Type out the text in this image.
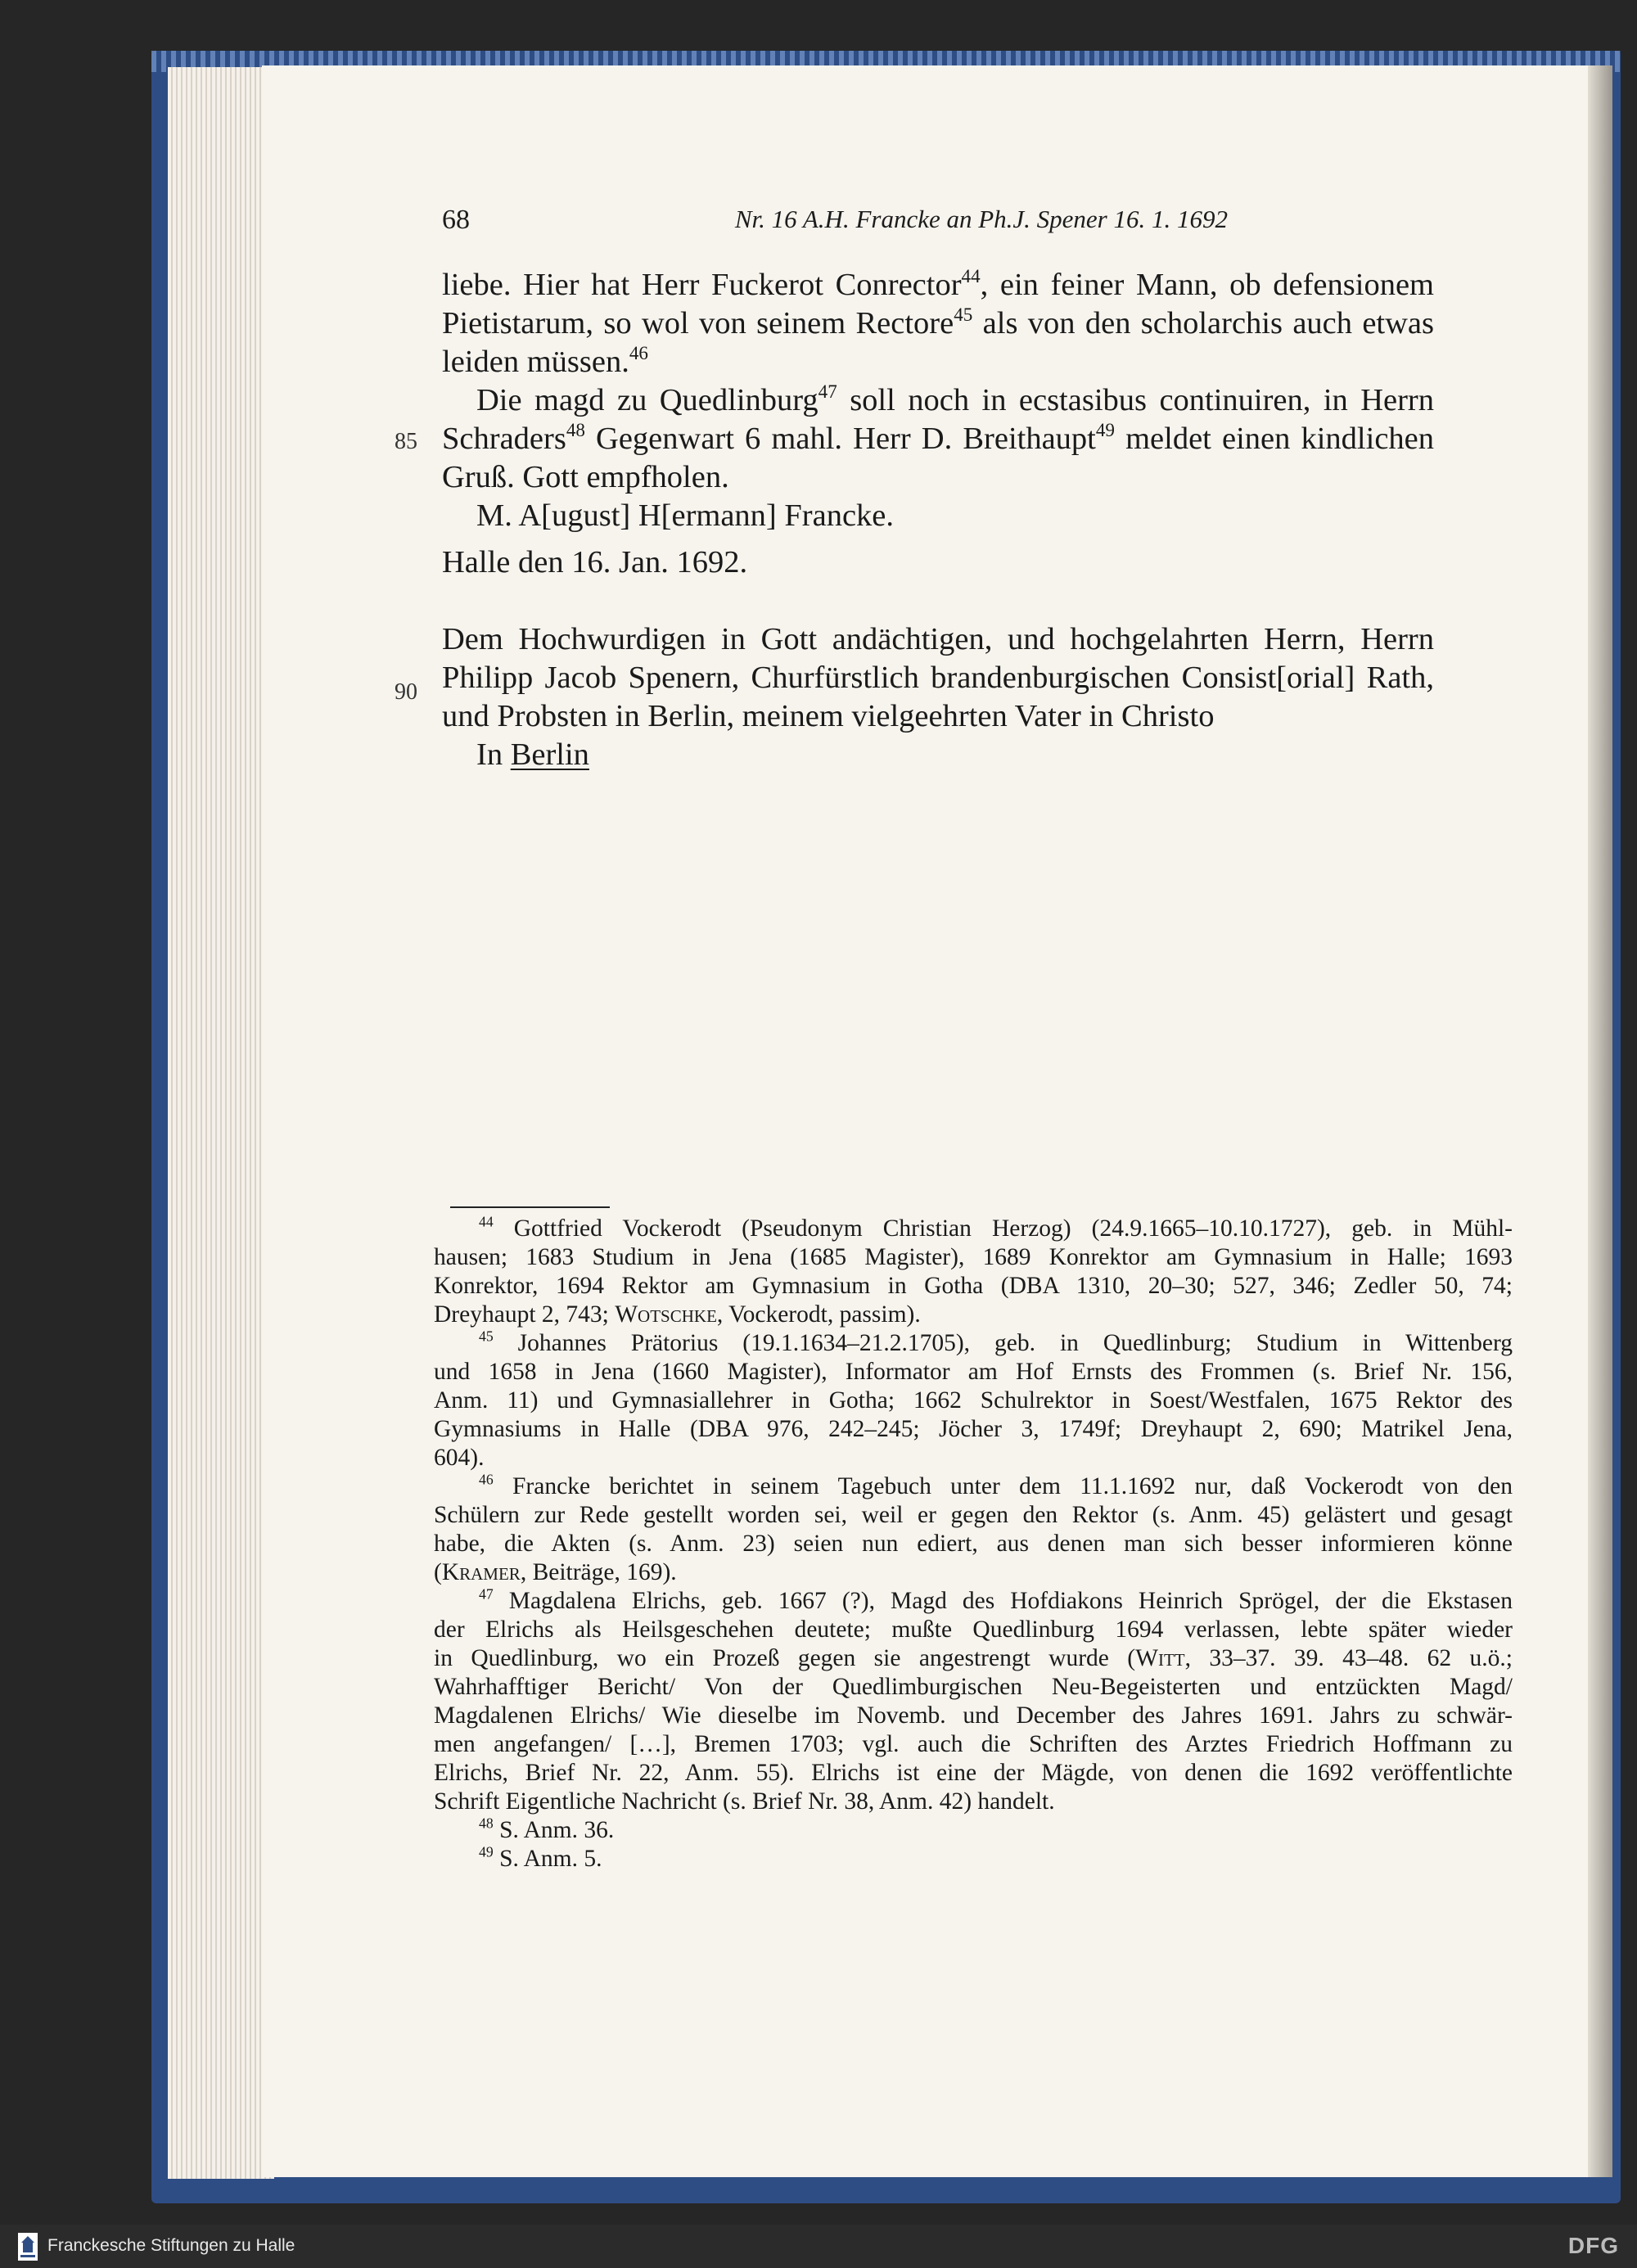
68	Nr. 16 A.H. Francke an Ph.J. Spener 16. 1. 1692
85
90
liebe. Hier hat Herr Fuckerot Conrector$^{44}$, ein feiner Mann, ob defensionem
Pietistarum, so wol von seinem Rectore$^{45}$ als von den scholarchis auch etwas
leiden müssen.$^{46}$
Die magd zu Quedlinburg$^{47}$ soll noch in ecstasibus continuiren, in Herrn
Schraders$^{48}$ Gegenwart 6 mahl. Herr D. Breithaupt$^{49}$ meldet einen kindlichen
Gruß. Gott empfholen.
M. A[ugust] H[ermann] Francke.
Halle den 16. Jan. 1692.
Dem Hochwurdigen in Gott andächtigen, und hochgelahrten Herrn, Herrn
Philipp Jacob Spenern, Churfürstlich brandenburgischen Consist[orial] Rath,
und Probsten in Berlin, meinem vielgeehrten Vater in Christo
In Berlin
$^{44}$ Gottfried Vockerodt (Pseudonym Christian Herzog) (24.9.1665–10.10.1727), geb. in Mühl-
hausen; 1683 Studium in Jena (1685 Magister), 1689 Konrektor am Gymnasium in Halle; 1693
Konrektor, 1694 Rektor am Gymnasium in Gotha (DBA 1310, 20–30; 527, 346; Zedler 50, 74;
Dreyhaupt 2, 743; Wotschke, Vockerodt, passim).
$^{45}$ Johannes Prätorius (19.1.1634–21.2.1705), geb. in Quedlinburg; Studium in Wittenberg
und 1658 in Jena (1660 Magister), Informator am Hof Ernsts des Frommen (s. Brief Nr. 156,
Anm. 11) und Gymnasiallehrer in Gotha; 1662 Schulrektor in Soest/Westfalen, 1675 Rektor des
Gymnasiums in Halle (DBA 976, 242–245; Jöcher 3, 1749f; Dreyhaupt 2, 690; Matrikel Jena,
604).
$^{46}$ Francke berichtet in seinem Tagebuch unter dem 11.1.1692 nur, daß Vockerodt von den
Schülern zur Rede gestellt worden sei, weil er gegen den Rektor (s. Anm. 45) gelästert und gesagt
habe, die Akten (s. Anm. 23) seien nun ediert, aus denen man sich besser informieren könne
(Kramer, Beiträge, 169).
$^{47}$ Magdalena Elrichs, geb. 1667 (?), Magd des Hofdiakons Heinrich Sprögel, der die Ekstasen
der Elrichs als Heilsgeschehen deutete; mußte Quedlinburg 1694 verlassen, lebte später wieder
in Quedlinburg, wo ein Prozeß gegen sie angestrengt wurde (Witt, 33–37. 39. 43–48. 62 u.ö.;
Wahrhafftiger Bericht/ Von der Quedlimburgischen Neu-Begeisterten und entzückten Magd/
Magdalenen Elrichs/ Wie dieselbe im Novemb. und December des Jahres 1691. Jahrs zu schwär-
men angefangen/ […], Bremen 1703; vgl. auch die Schriften des Arztes Friedrich Hoffmann zu
Elrichs, Brief Nr. 22, Anm. 55). Elrichs ist eine der Mägde, von denen die 1692 veröffentlichte
Schrift Eigentliche Nachricht (s. Brief Nr. 38, Anm. 42) handelt.
$^{48}$ S. Anm. 36.
$^{49}$ S. Anm. 5.
Franckesche Stiftungen zu Halle	DFG
